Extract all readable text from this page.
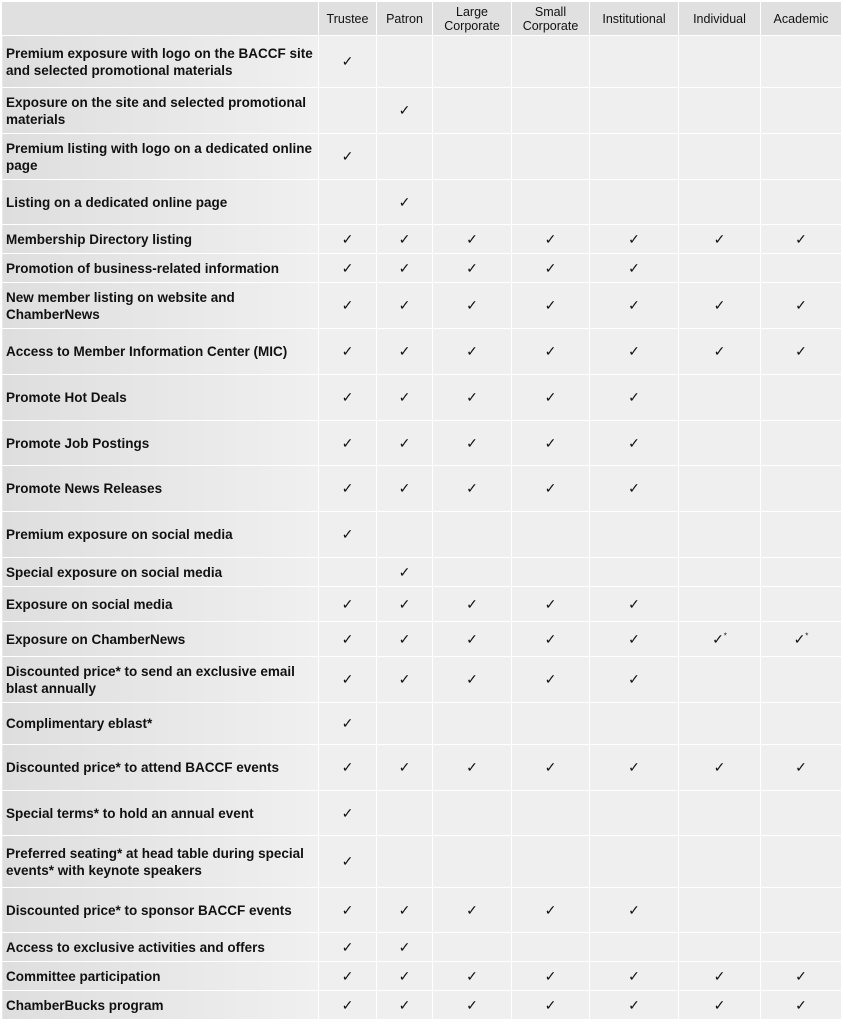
	Trustee	Patron	Large Corporate	Small Corporate	Institutional	Individual	Academic
Premium exposure with logo on the BACCF site and selected promotional materials	✓						
Exposure on the site and selected promotional materials		✓					
Premium listing with logo on a dedicated online page	✓						
Listing on a dedicated online page		✓					
Membership Directory listing	✓	✓	✓	✓	✓	✓	✓
Promotion of business-related information	✓	✓	✓	✓	✓		
New member listing on website and ChamberNews	✓	✓	✓	✓	✓	✓	✓
Access to Member Information Center (MIC)	✓	✓	✓	✓	✓	✓	✓
Promote Hot Deals	✓	✓	✓	✓	✓		
Promote Job Postings	✓	✓	✓	✓	✓		
Promote News Releases	✓	✓	✓	✓	✓		
Premium exposure on social media	✓						
Special exposure on social media		✓					
Exposure on social media	✓	✓	✓	✓	✓		
Exposure on ChamberNews	✓	✓	✓	✓	✓	✓*	✓*
Discounted price* to send an exclusive email blast annually	✓	✓	✓	✓	✓		
Complimentary eblast*	✓						
Discounted price* to attend BACCF events	✓	✓	✓	✓	✓	✓	✓
Special terms* to hold an annual event	✓						
Preferred seating* at head table during special events* with keynote speakers	✓						
Discounted price* to sponsor BACCF events	✓	✓	✓	✓	✓		
Access to exclusive activities and offers	✓	✓					
Committee participation	✓	✓	✓	✓	✓	✓	✓
ChamberBucks program	✓	✓	✓	✓	✓	✓	✓
